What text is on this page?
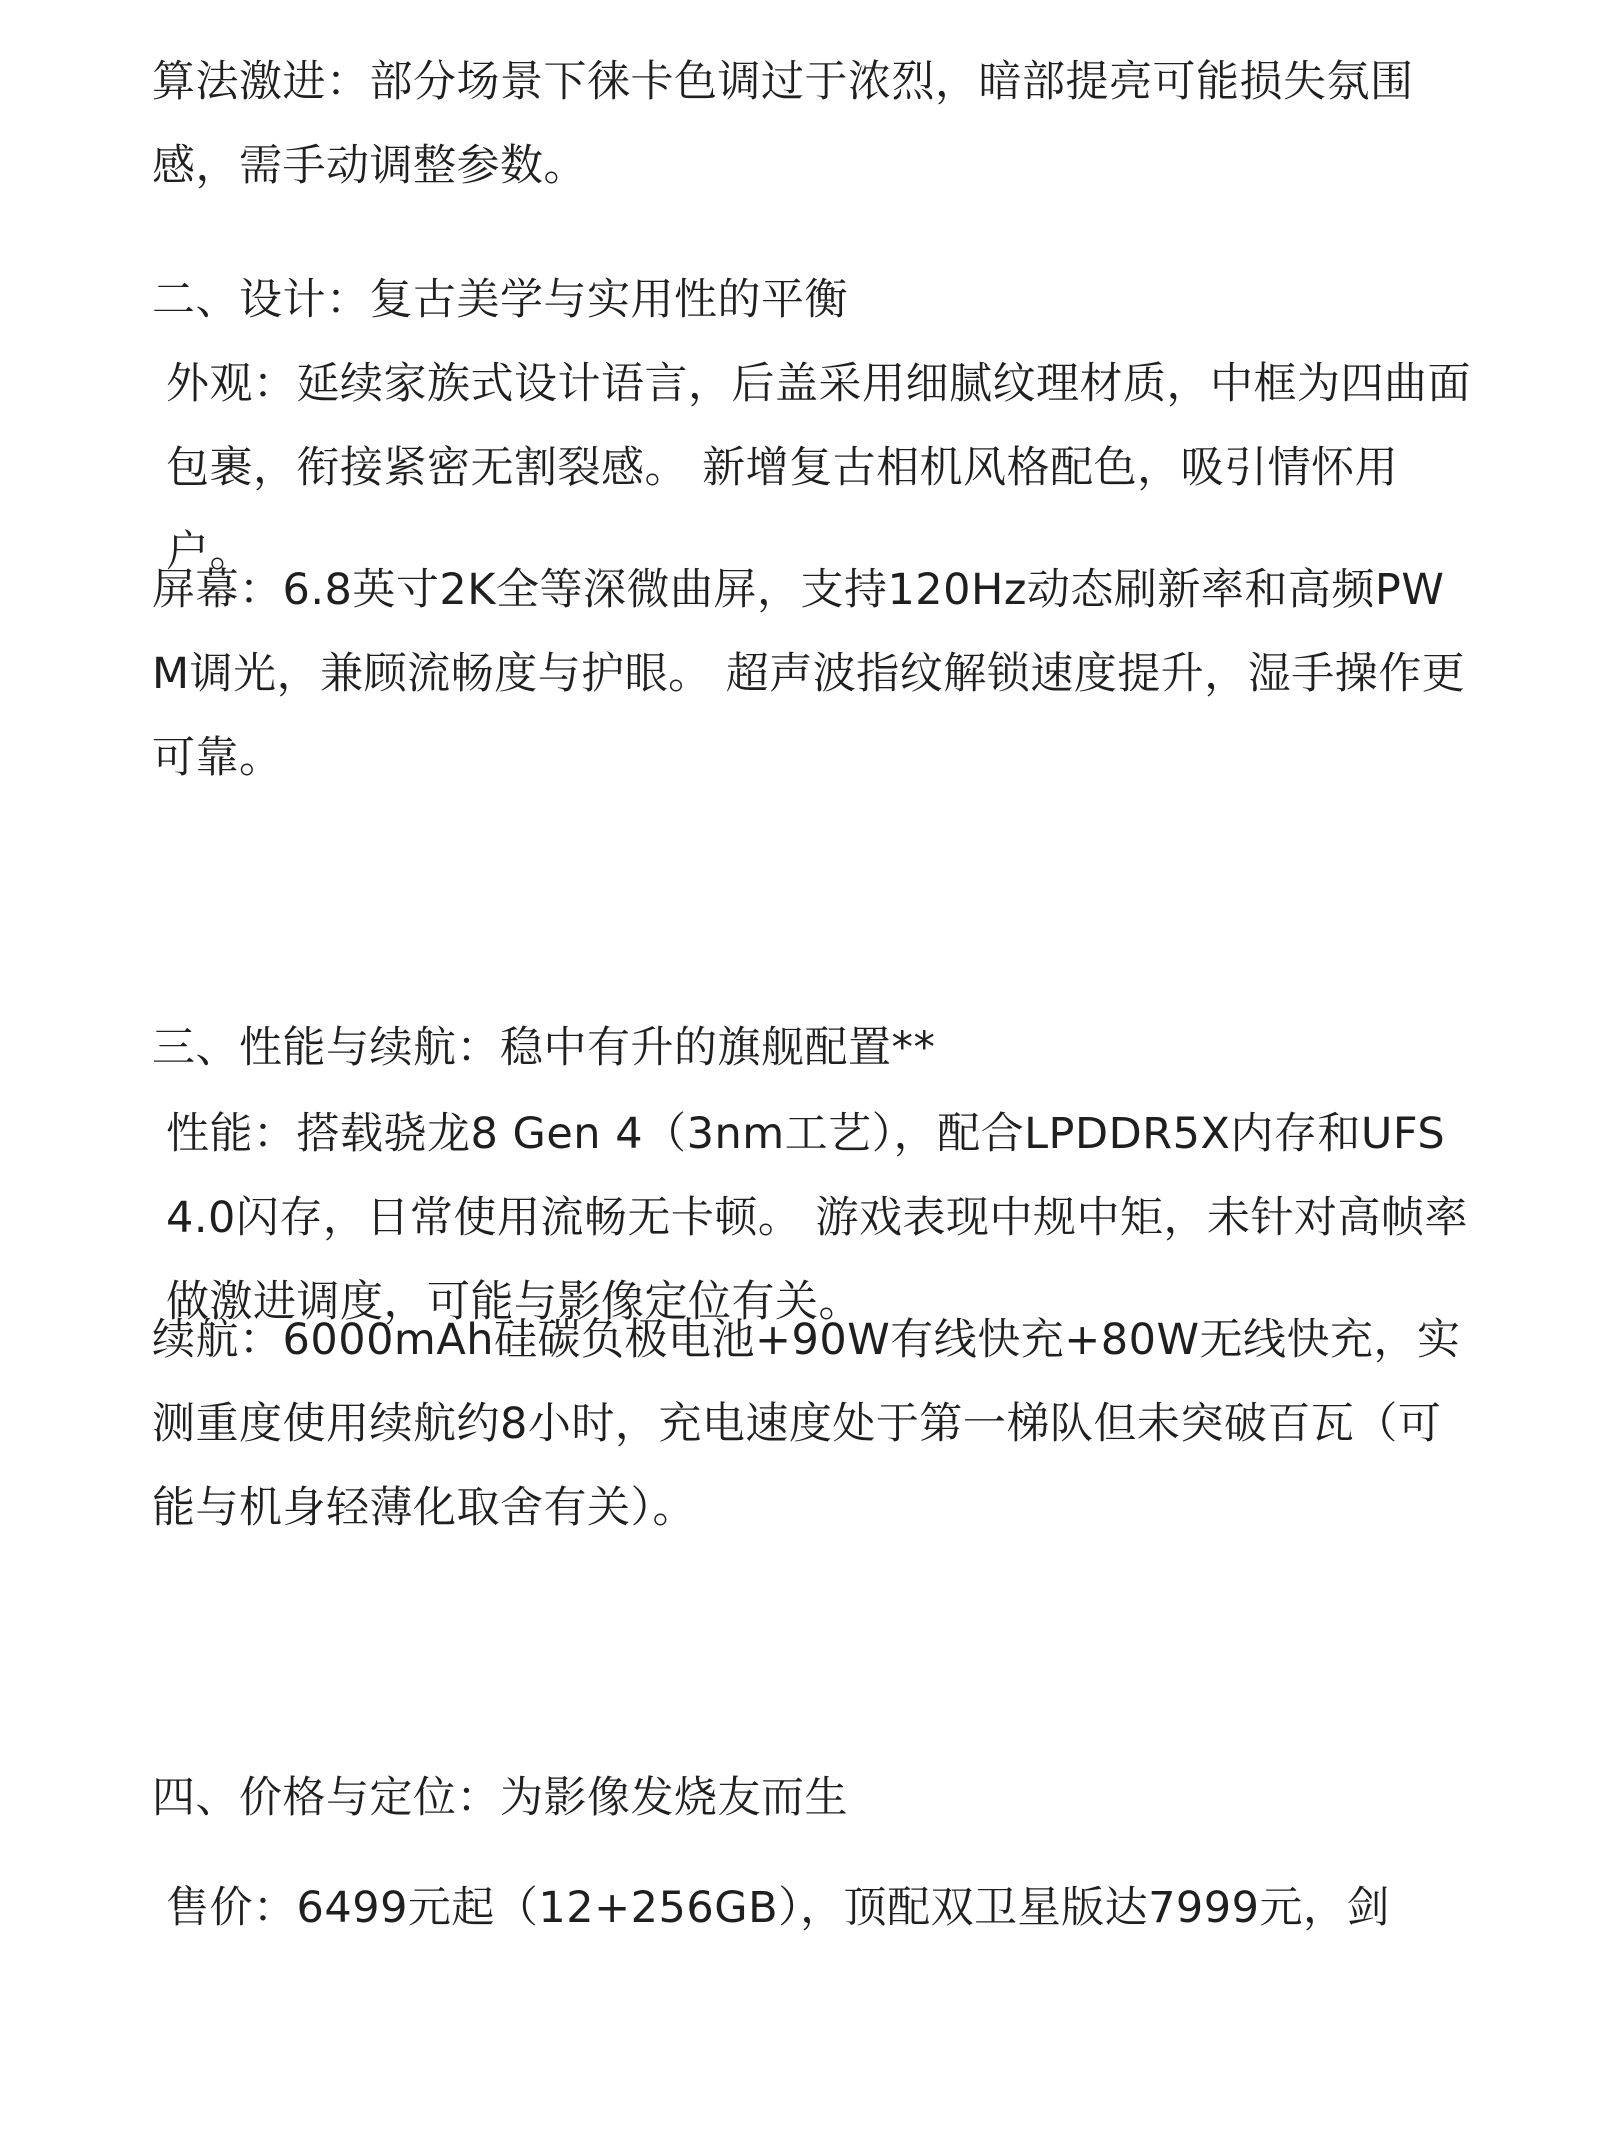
算法激进：部分场景下徕卡色调过于浓烈，暗部提亮可能损失氛围感，需手动调整参数。

二、设计：复古美学与实用性的平衡

外观：延续家族式设计语言，后盖采用细腻纹理材质，中框为四曲面包裹，衔接紧密无割裂感。 新增复古相机风格配色，吸引情怀用户。

屏幕：6.8英寸2K全等深微曲屏，支持120Hz动态刷新率和高频PWM调光，兼顾流畅度与护眼。 超声波指纹解锁速度提升，湿手操作更可靠。

三、性能与续航：稳中有升的旗舰配置**

性能：搭载骁龙8 Gen 4（3nm工艺），配合LPDDR5X内存和UFS 4.0闪存，日常使用流畅无卡顿。 游戏表现中规中矩，未针对高帧率做激进调度，可能与影像定位有关。

续航：6000mAh硅碳负极电池+90W有线快充+80W无线快充，实测重度使用续航约8小时，充电速度处于第一梯队但未突破百瓦（可能与机身轻薄化取舍有关）。

四、价格与定位：为影像发烧友而生

售价：6499元起（12+256GB），顶配双卫星版达7999元，剑
